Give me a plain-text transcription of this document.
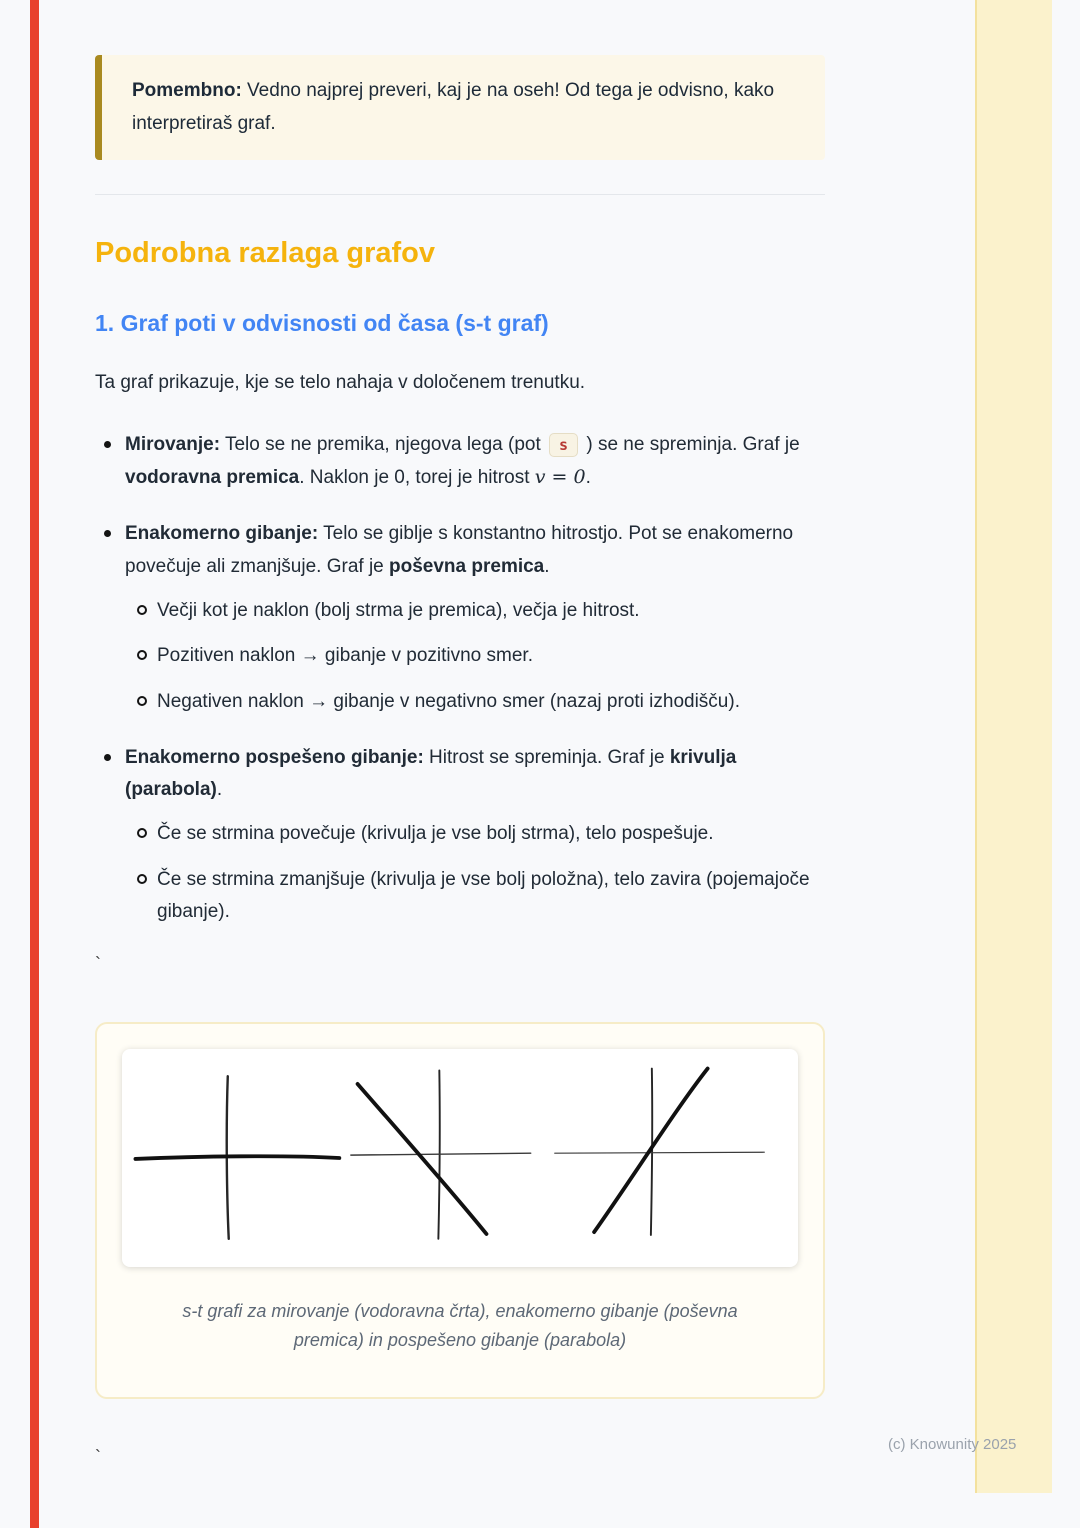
Pomembno: Vedno najprej preveri, kaj je na oseh! Od tega je odvisno, kako interpretiraš graf.

Podrobna razlaga grafov
1. Graf poti v odvisnosti od časa (s-t graf)

Ta graf prikazuje, kje se telo nahaja v določenem trenutku.

Mirovanje: Telo se ne premika, njegova lega (pot s ) se ne spreminja. Graf je vodoravna premica. Naklon je 0, torej je hitrost v = 0.
Enakomerno gibanje: Telo se giblje s konstantno hitrostjo. Pot se enakomerno povečuje ali zmanjšuje. Graf je poševna premica.
Večji kot je naklon (bolj strma je premica), večja je hitrost.
Pozitiven naklon → gibanje v pozitivno smer.
Negativen naklon → gibanje v negativno smer (nazaj proti izhodišču).
Enakomerno pospešeno gibanje: Hitrost se spreminja. Graf je krivulja (parabola).
Če se strmina povečuje (krivulja je vse bolj strma), telo pospešuje.
Če se strmina zmanjšuje (krivulja je vse bolj položna), telo zavira (pojemajoče gibanje).
`

s-t grafi za mirovanje (vodoravna črta), enakomerno gibanje (poševna premica) in pospešeno gibanje (parabola)

`
(c) Knowunity 2025
